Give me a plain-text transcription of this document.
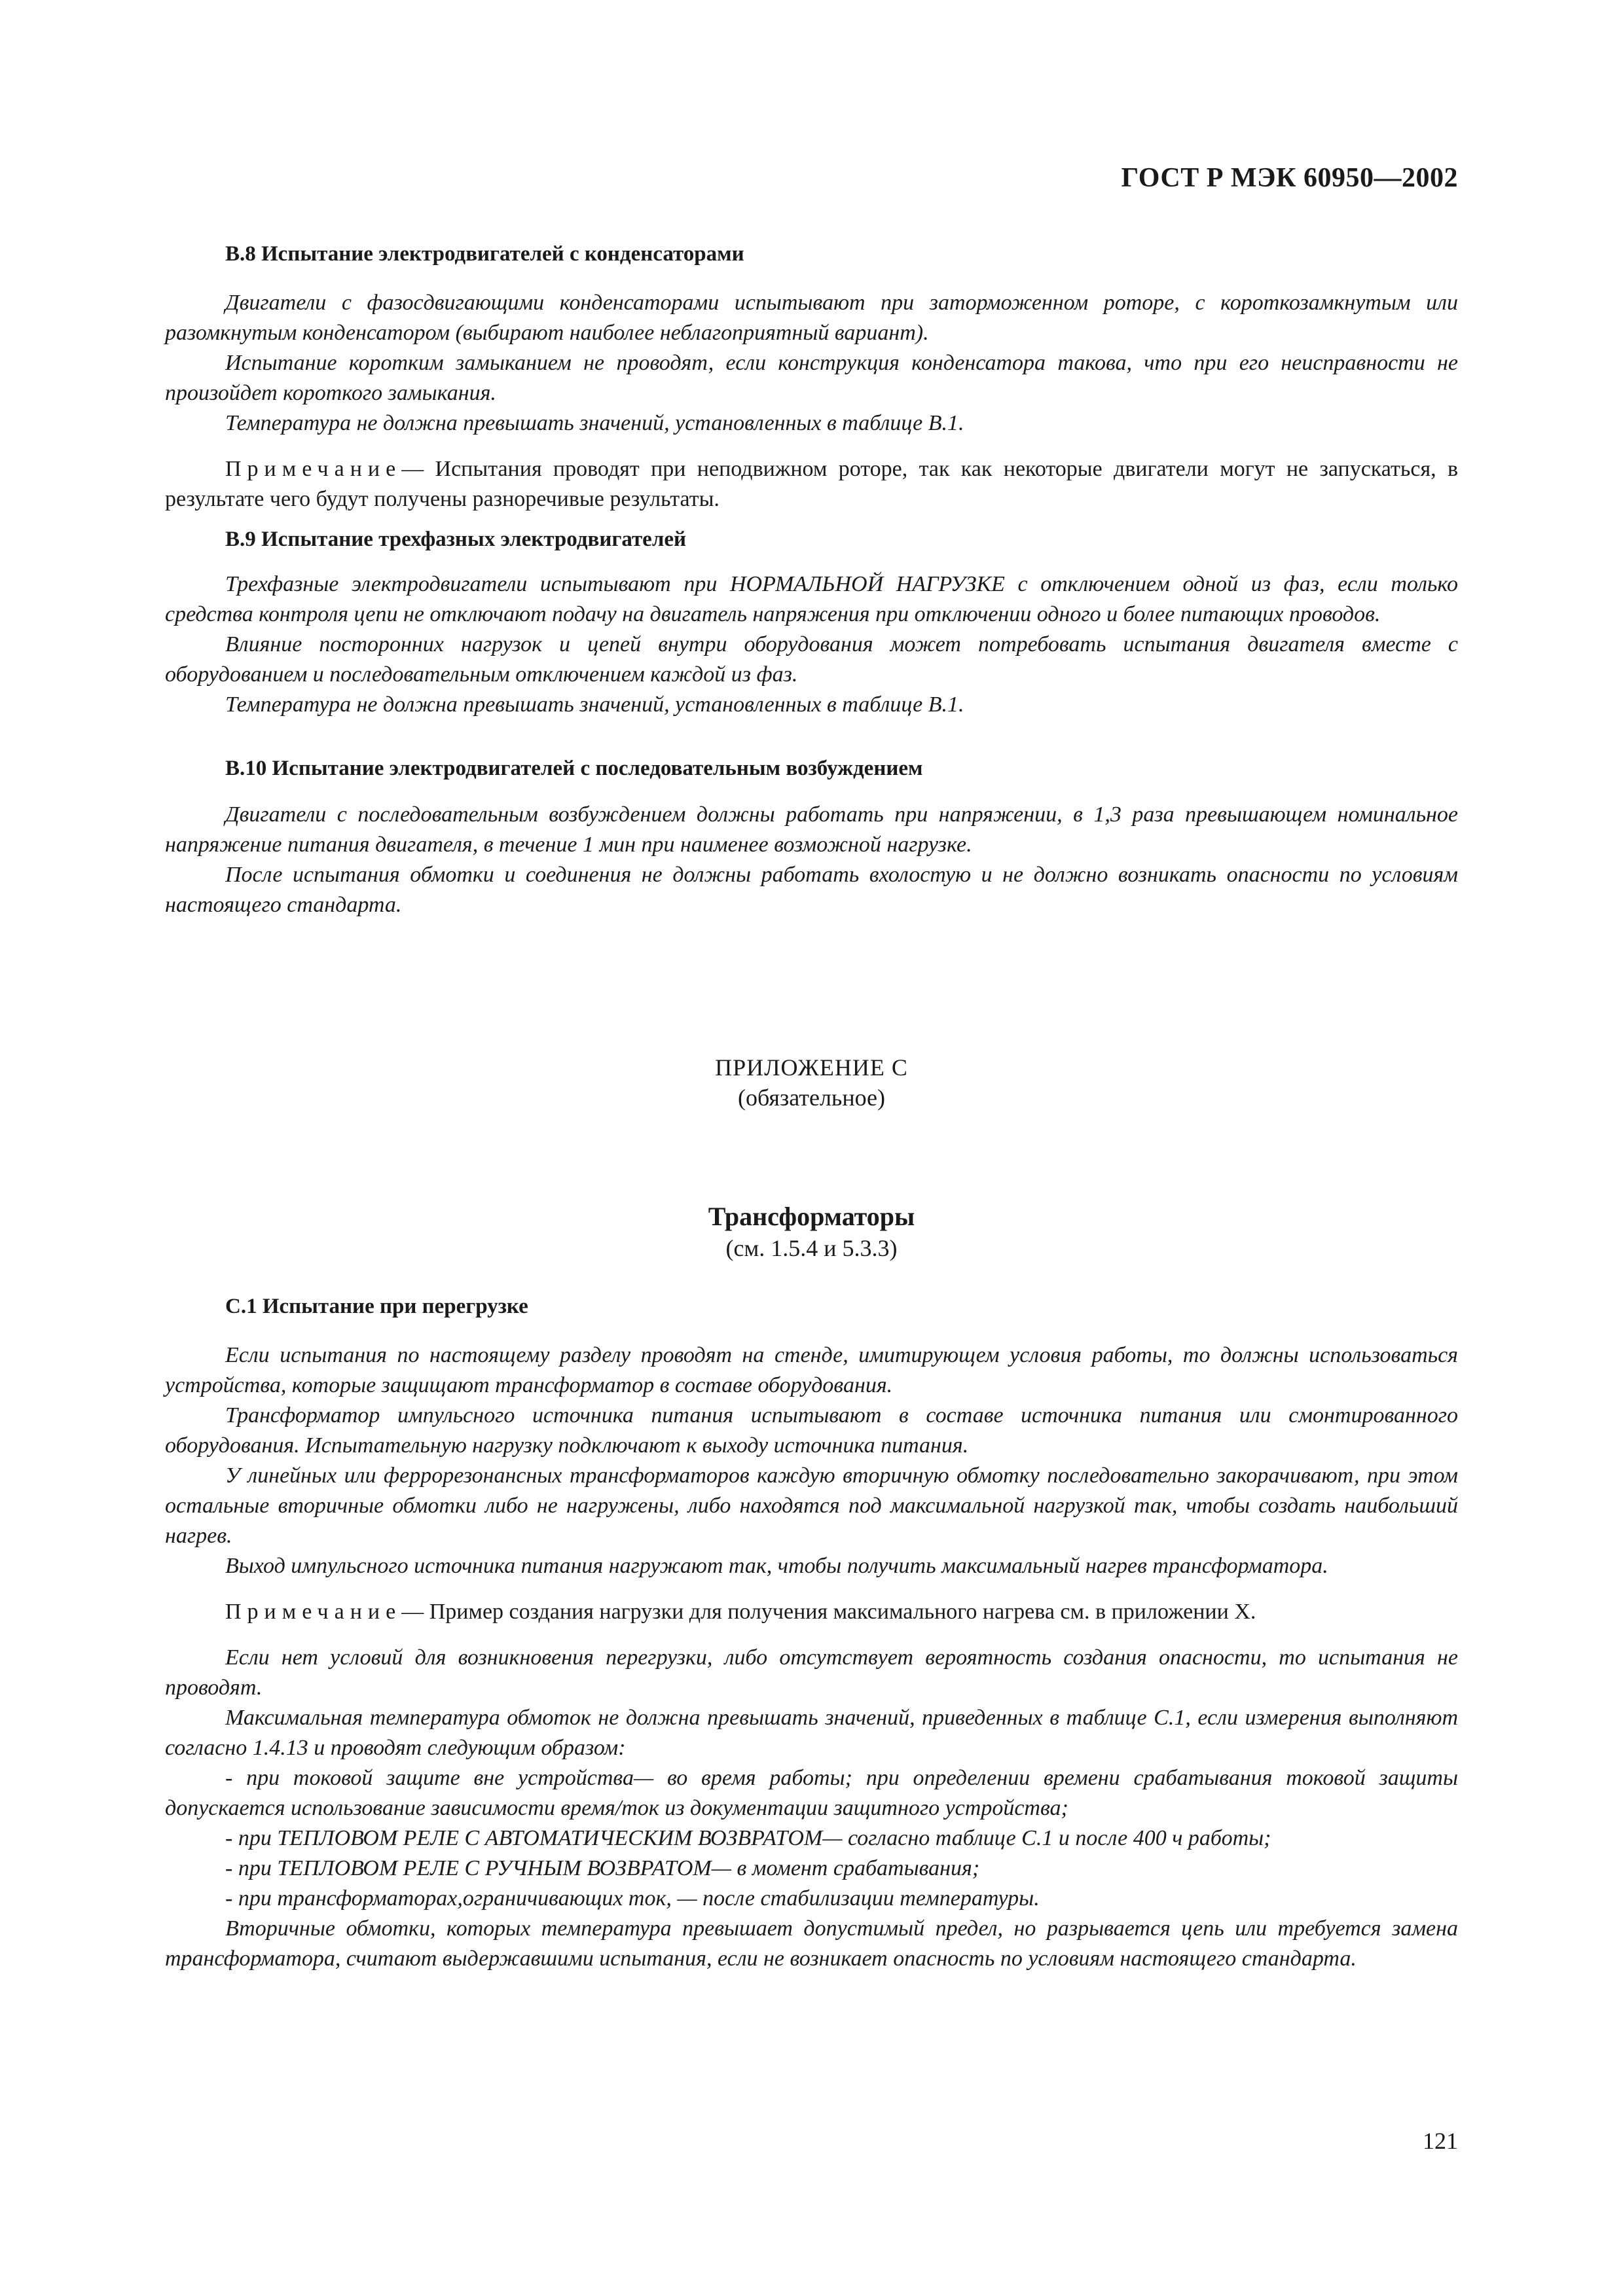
ГОСТ Р МЭК 60950—2002

В.8 Испытание электродвигателей с конденсаторами

Двигатели с фазосдвигающими конденсаторами испытывают при заторможенном роторе, с короткозамкнутым или разомкнутым конденсатором (выбирают наиболее неблагоприятный вариант).

Испытание коротким замыканием не проводят, если конструкция конденсатора такова, что при его неисправности не произойдет короткого замыкания.

Температура не должна превышать значений, установленных в таблице В.1.

Примечание— Испытания проводят при неподвижном роторе, так как некоторые двигатели могут не запускаться, в результате чего будут получены разноречивые результаты.

В.9 Испытание трехфазных электродвигателей

Трехфазные электродвигатели испытывают при НОРМАЛЬНОЙ НАГРУЗКЕ с отключением одной из фаз, если только средства контроля цепи не отключают подачу на двигатель напряжения при отключении одного и более питающих проводов.

Влияние посторонних нагрузок и цепей внутри оборудования может потребовать испытания двигателя вместе с оборудованием и последовательным отключением каждой из фаз.

Температура не должна превышать значений, установленных в таблице В.1.

В.10 Испытание электродвигателей с последовательным возбуждением

Двигатели с последовательным возбуждением должны работать при напряжении, в 1,3 раза превышающем номинальное напряжение питания двигателя, в течение 1 мин при наименее возможной нагрузке.

После испытания обмотки и соединения не должны работать вхолостую и не должно возникать опасности по условиям настоящего стандарта.

ПРИЛОЖЕНИЕ С

(обязательное)

Трансформаторы

(см. 1.5.4 и 5.3.3)

С.1 Испытание при перегрузке

Если испытания по настоящему разделу проводят на стенде, имитирующем условия работы, то должны использоваться устройства, которые защищают трансформатор в составе оборудования.

Трансформатор импульсного источника питания испытывают в составе источника питания или смонтированного оборудования. Испытательную нагрузку подключают к выходу источника питания.

У линейных или феррорезонансных трансформаторов каждую вторичную обмотку последовательно закорачивают, при этом остальные вторичные обмотки либо не нагружены, либо находятся под максимальной нагрузкой так, чтобы создать наибольший нагрев.

Выход импульсного источника питания нагружают так, чтобы получить максимальный нагрев трансформатора.

Примечание— Пример создания нагрузки для получения максимального нагрева см. в приложении X.

Если нет условий для возникновения перегрузки, либо отсутствует вероятность создания опасности, то испытания не проводят.

Максимальная температура обмоток не должна превышать значений, приведенных в таблице С.1, если измерения выполняют согласно 1.4.13 и проводят следующим образом:

- при токовой защите вне устройства— во время работы; при определении времени срабатывания токовой защиты допускается использование зависимости время/ток из документации защитного устройства;

- при ТЕПЛОВОМ РЕЛЕ С АВТОМАТИЧЕСКИМ ВОЗВРАТОМ— согласно таблице С.1 и после 400 ч работы;

- при ТЕПЛОВОМ РЕЛЕ С РУЧНЫМ ВОЗВРАТОМ— в момент срабатывания;

- при трансформаторах,ограничивающих ток, — после стабилизации температуры.

Вторичные обмотки, которых температура превышает допустимый предел, но разрывается цепь или требуется замена трансформатора, считают выдержавшими испытания, если не возникает опасность по условиям настоящего стандарта.

121
